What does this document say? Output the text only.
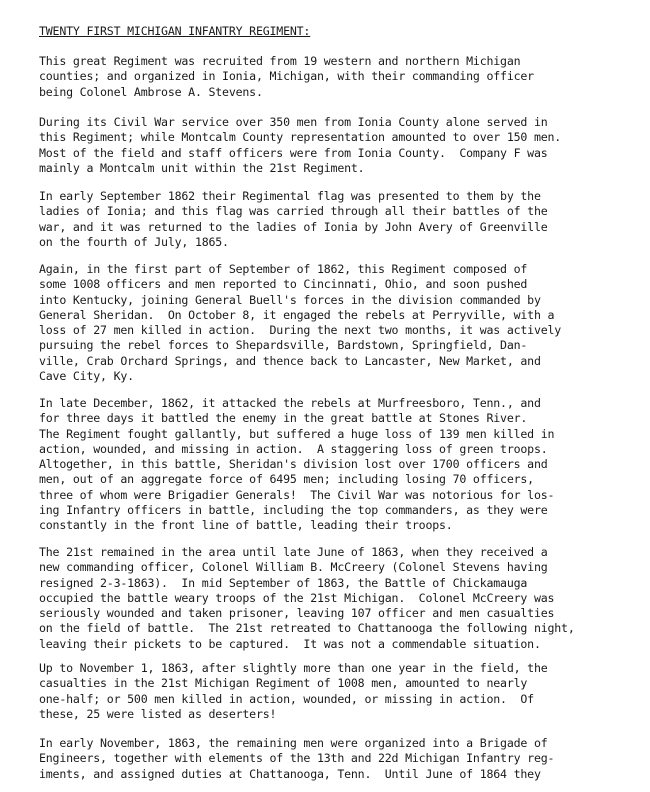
TWENTY FIRST MICHIGAN INFANTRY REGIMENT:

This great Regiment was recruited from 19 western and northern Michigan
counties; and organized in Ionia, Michigan, with their commanding officer
being Colonel Ambrose A. Stevens.

During its Civil War service over 350 men from Ionia County alone served in
this Regiment; while Montcalm County representation amounted to over 150 men.
Most of the field and staff officers were from Ionia County.  Company F was
mainly a Montcalm unit within the 21st Regiment.

In early September 1862 their Regimental flag was presented to them by the
ladies of Ionia; and this flag was carried through all their battles of the
war, and it was returned to the ladies of Ionia by John Avery of Greenville
on the fourth of July, 1865.

Again, in the first part of September of 1862, this Regiment composed of
some 1008 officers and men reported to Cincinnati, Ohio, and soon pushed
into Kentucky, joining General Buell's forces in the division commanded by
General Sheridan.  On October 8, it engaged the rebels at Perryville, with a
loss of 27 men killed in action.  During the next two months, it was actively
pursuing the rebel forces to Shepardsville, Bardstown, Springfield, Dan-
ville, Crab Orchard Springs, and thence back to Lancaster, New Market, and
Cave City, Ky.

In late December, 1862, it attacked the rebels at Murfreesboro, Tenn., and
for three days it battled the enemy in the great battle at Stones River.
The Regiment fought gallantly, but suffered a huge loss of 139 men killed in
action, wounded, and missing in action.  A staggering loss of green troops.
Altogether, in this battle, Sheridan's division lost over 1700 officers and
men, out of an aggregate force of 6495 men; including losing 70 officers,
three of whom were Brigadier Generals!  The Civil War was notorious for los-
ing Infantry officers in battle, including the top commanders, as they were
constantly in the front line of battle, leading their troops.

The 21st remained in the area until late June of 1863, when they received a
new commanding officer, Colonel William B. McCreery (Colonel Stevens having
resigned 2-3-1863).  In mid September of 1863, the Battle of Chickamauga
occupied the battle weary troops of the 21st Michigan.  Colonel McCreery was
seriously wounded and taken prisoner, leaving 107 officer and men casualties
on the field of battle.  The 21st retreated to Chattanooga the following night,
leaving their pickets to be captured.  It was not a commendable situation.

Up to November 1, 1863, after slightly more than one year in the field, the
casualties in the 21st Michigan Regiment of 1008 men, amounted to nearly
one-half; or 500 men killed in action, wounded, or missing in action.  Of
these, 25 were listed as deserters!

In early November, 1863, the remaining men were organized into a Brigade of
Engineers, together with elements of the 13th and 22d Michigan Infantry reg-
iments, and assigned duties at Chattanooga, Tenn.  Until June of 1864 they
